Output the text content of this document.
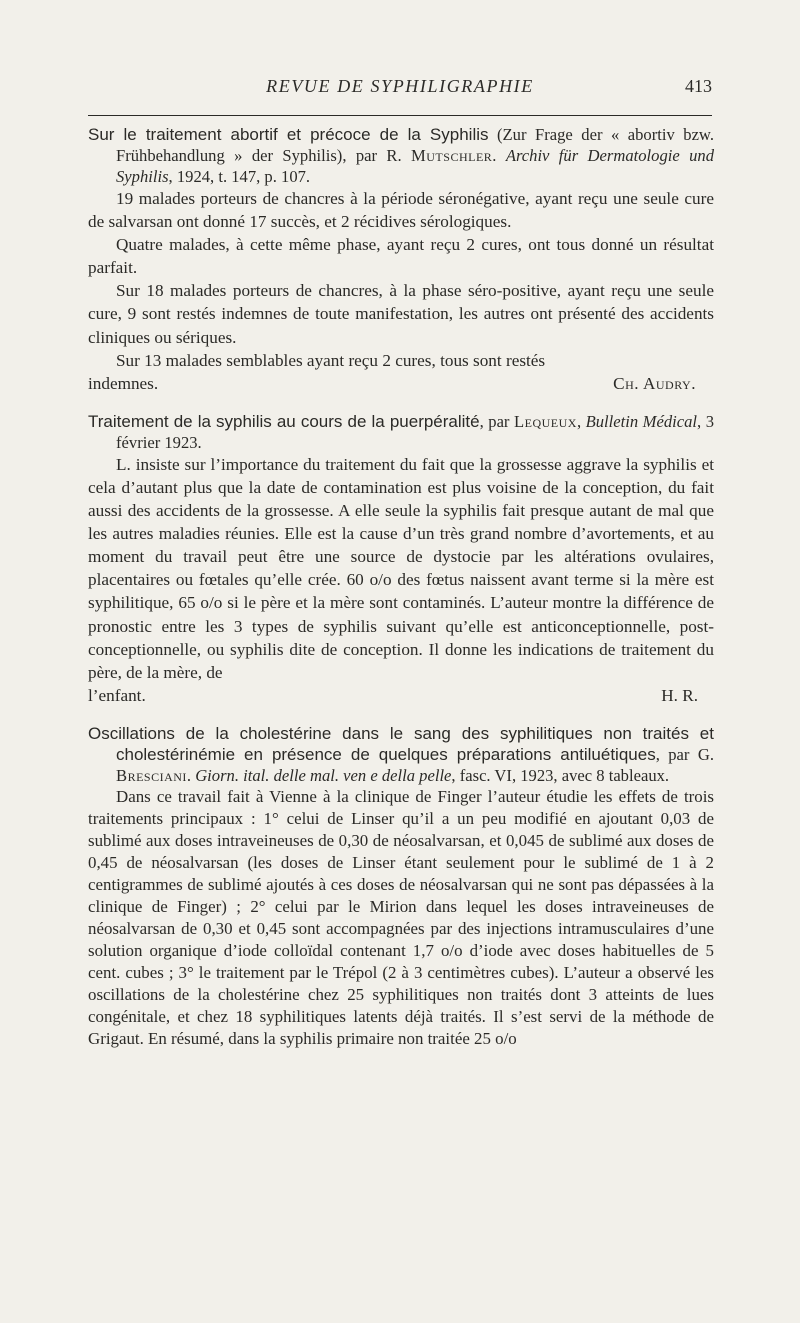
REVUE DE SYPHILIGRAPHIE	413

Sur le traitement abortif et précoce de la Syphilis (Zur Frage der « abortiv bzw. Frühbehandlung » der Syphilis), par R. Mutschler. Archiv für Dermatologie und Syphilis, 1924, t. 147, p. 107.

19 malades porteurs de chancres à la période séronégative, ayant reçu une seule cure de salvarsan ont donné 17 succès, et 2 récidives sérologiques.

Quatre malades, à cette même phase, ayant reçu 2 cures, ont tous donné un résultat parfait.

Sur 18 malades porteurs de chancres, à la phase séro-positive, ayant reçu une seule cure, 9 sont restés indemnes de toute manifestation, les autres ont présenté des accidents cliniques ou sériques.

Sur 13 malades semblables ayant reçu 2 cures, tous sont restés

indemnes.	Ch. Audry.

Traitement de la syphilis au cours de la puerpéralité, par Lequeux, Bulletin Médical, 3 février 1923.

L. insiste sur l’importance du traitement du fait que la grossesse aggrave la syphilis et cela d’autant plus que la date de contamination est plus voisine de la conception, du fait aussi des accidents de la grossesse. A elle seule la syphilis fait presque autant de mal que les autres maladies réunies. Elle est la cause d’un très grand nombre d’avortements, et au moment du travail peut être une source de dystocie par les altérations ovulaires, placentaires ou fœtales qu’elle crée. 60 o/o des fœtus naissent avant terme si la mère est syphilitique, 65 o/o si le père et la mère sont contaminés. L’auteur montre la différence de pronostic entre les 3 types de syphilis suivant qu’elle est anticonceptionnelle, post-conceptionnelle, ou syphilis dite de conception. Il donne les indications de traitement du père, de la mère, de

l’enfant.	H. R.

Oscillations de la cholestérine dans le sang des syphilitiques non traités et cholestérinémie en présence de quelques préparations antiluétiques, par G. Bresciani. Giorn. ital. delle mal. ven e della pelle, fasc. VI, 1923, avec 8 tableaux.

Dans ce travail fait à Vienne à la clinique de Finger l’auteur étudie les effets de trois traitements principaux : 1° celui de Linser qu’il a un peu modifié en ajoutant 0,03 de sublimé aux doses intraveineuses de 0,30 de néosalvarsan, et 0,045 de sublimé aux doses de 0,45 de néosalvarsan (les doses de Linser étant seulement pour le sublimé de 1 à 2 centigrammes de sublimé ajoutés à ces doses de néosalvarsan qui ne sont pas dépassées à la clinique de Finger) ; 2° celui par le Mirion dans lequel les doses intraveineuses de néosalvarsan de 0,30 et 0,45 sont accompagnées par des injections intramusculaires d’une solution organique d’iode colloïdal contenant 1,7 o/o d’iode avec doses habituelles de 5 cent. cubes ; 3° le traitement par le Trépol (2 à 3 centimètres cubes). L’auteur a observé les oscillations de la cholestérine chez 25 syphilitiques non traités dont 3 atteints de lues congénitale, et chez 18 syphilitiques latents déjà traités. Il s’est servi de la méthode de Grigaut. En résumé, dans la syphilis primaire non traitée 25 o/o
